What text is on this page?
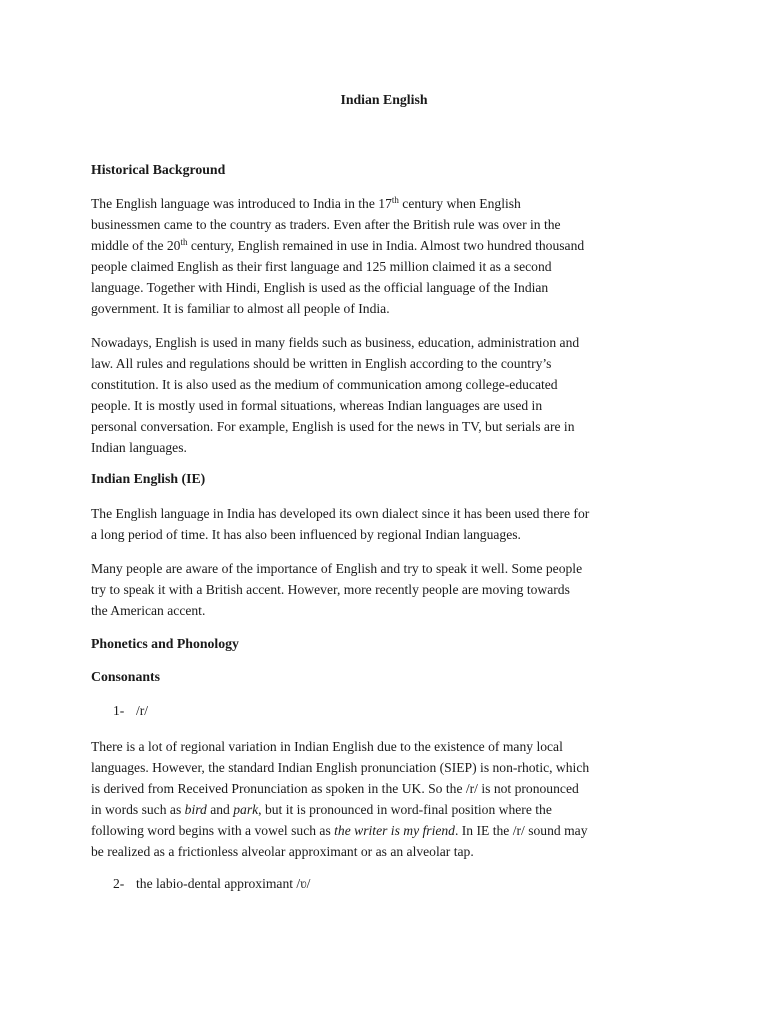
Indian English
Historical Background
The English language was introduced to India in the 17th century when English
businessmen came to the country as traders. Even after the British rule was over in the
middle of the 20th century, English remained in use in India. Almost two hundred thousand
people claimed English as their first language and 125 million claimed it as a second
language. Together with Hindi, English is used as the official language of the Indian
government. It is familiar to almost all people of India.
Nowadays, English is used in many fields such as business, education, administration and
law. All rules and regulations should be written in English according to the country’s
constitution. It is also used as the medium of communication among college-educated
people. It is mostly used in formal situations, whereas Indian languages are used in
personal conversation. For example, English is used for the news in TV, but serials are in
Indian languages.
Indian English (IE)
The English language in India has developed its own dialect since it has been used there for
a long period of time. It has also been influenced by regional Indian languages.
Many people are aware of the importance of English and try to speak it well. Some people
try to speak it with a British accent. However, more recently people are moving towards
the American accent.
Phonetics and Phonology
Consonants
1- /r/
There is a lot of regional variation in Indian English due to the existence of many local
languages. However, the standard Indian English pronunciation (SIEP) is non-rhotic, which
is derived from Received Pronunciation as spoken in the UK. So the /r/ is not pronounced
in words such as bird and park, but it is pronounced in word-final position where the
following word begins with a vowel such as the writer is my friend. In IE the /r/ sound may
be realized as a frictionless alveolar approximant or as an alveolar tap.
2- the labio-dental approximant /ʋ/
